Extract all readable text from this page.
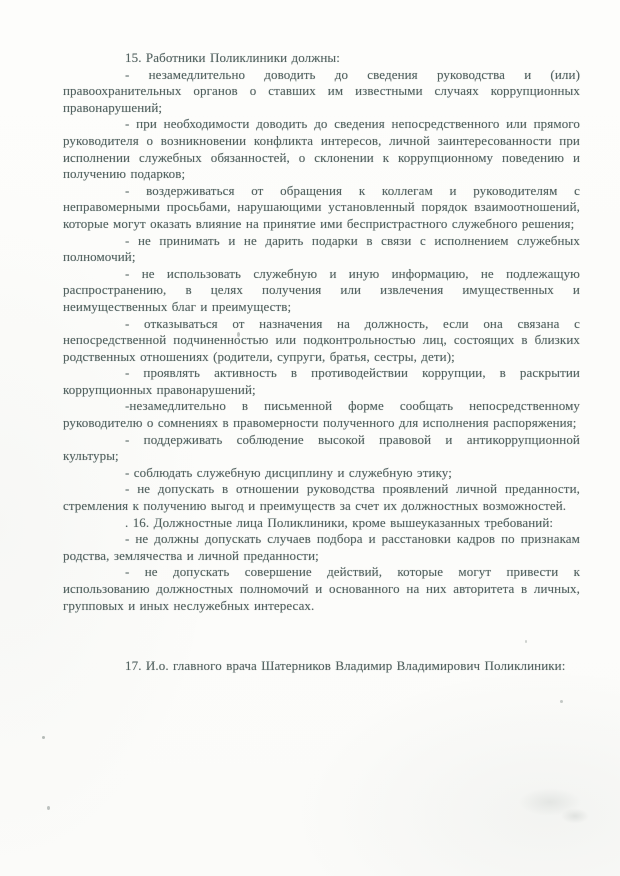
15. Работники Поликлиники должны:

- незамедлительно доводить до сведения руководства и (или) правоохранительных органов о ставших им известными случаях коррупционных правонарушений;

- при необходимости доводить до сведения непосредственного или прямого руководителя о возникновении конфликта интересов, личной заинтересованности при исполнении служебных обязанностей, о склонении к коррупционному поведению и получению подарков;

- воздерживаться от обращения к коллегам и руководителям с неправомерными просьбами, нарушающими установленный порядок взаимоотношений, которые могут оказать влияние на принятие ими беспристрастного служебного решения;

- не принимать и не дарить подарки в связи с исполнением служебных полномочий;

- не использовать служебную и иную информацию, не подлежащую распространению, в целях получения или извлечения имущественных и неимущественных благ и преимуществ;

- отказываться от назначения на должность, если она связана с непосредственной подчиненностью или подконтрольностью лиц, состоящих в близких родственных отношениях (родители, супруги, братья, сестры, дети);

- проявлять активность в противодействии коррупции, в раскрытии коррупционных правонарушений;

-незамедлительно в письменной форме сообщать непосредственному руководителю о сомнениях в правомерности полученного для исполнения распоряжения;

- поддерживать соблюдение высокой правовой и антикоррупционной культуры;

- соблюдать служебную дисциплину и служебную этику;

- не допускать в отношении руководства проявлений личной преданности, стремления к получению выгод и преимуществ за счет их должностных возможностей.

. 16. Должностные лица Поликлиники, кроме вышеуказанных требований:

- не должны допускать случаев подбора и расстановки кадров по признакам родства, землячества и личной преданности;

- не допускать совершение действий, которые могут привести к использованию должностных полномочий и основанного на них авторитета в личных, групповых и иных неслужебных интересах.

17. И.о. главного врача Шатерников Владимир Владимирович Поликлиники:
